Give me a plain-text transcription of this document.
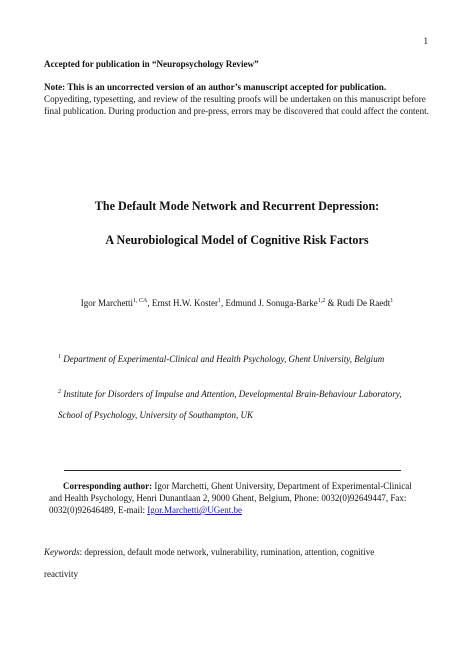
1
Accepted for publication in “Neuropsychology Review”
Note: This is an uncorrected version of an author’s manuscript accepted for publication. Copyediting, typesetting, and review of the resulting proofs will be undertaken on this manuscript before final publication. During production and pre-press, errors may be discovered that could affect the content.
The Default Mode Network and Recurrent Depression:
A Neurobiological Model of Cognitive Risk Factors
Igor Marchetti$^{1, CA}$, Ernst H.W. Koster$^1$, Edmund J. Sonuga-Barke$^{1,2}$ & Rudi De Raedt$^1$
$^1$ Department of Experimental-Clinical and Health Psychology, Ghent University, Belgium
$^2$ Institute for Disorders of Impulse and Attention, Developmental Brain-Behaviour Laboratory,
School of Psychology, University of Southampton, UK
Corresponding author: Igor Marchetti, Ghent University, Department of Experimental-Clinical and Health Psychology, Henri Dunantlaan 2, 9000 Ghent, Belgium, Phone: 0032(0)92649447, Fax: 0032(0)92646489, E-mail: Igor.Marchetti@UGent.be
Keywords: depression, default mode network, vulnerability, rumination, attention, cognitive
reactivity
